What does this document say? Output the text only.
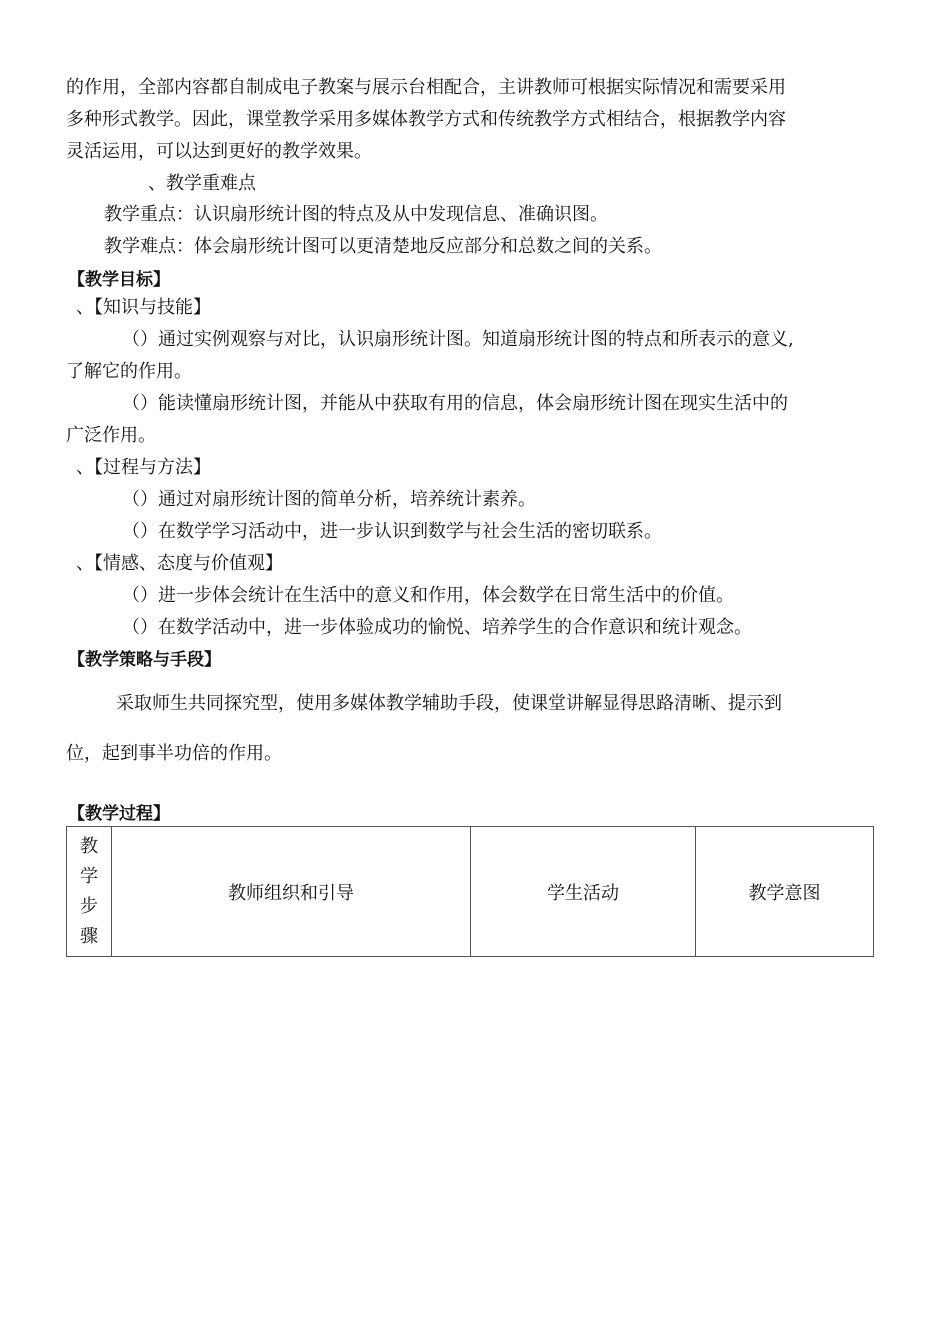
的作用，全部内容都自制成电子教案与展示台相配合，主讲教师可根据实际情况和需要采用
多种形式教学。因此，课堂教学采用多媒体教学方式和传统教学方式相结合，根据教学内容
灵活运用，可以达到更好的教学效果。
、教学重难点
教学重点：认识扇形统计图的特点及从中发现信息、准确识图。
教学难点：体会扇形统计图可以更清楚地反应部分和总数之间的关系。
【教学目标】
、【知识与技能】
（）通过实例观察与对比，认识扇形统计图。知道扇形统计图的特点和所表示的意义,
了解它的作用。
（）能读懂扇形统计图，并能从中获取有用的信息，体会扇形统计图在现实生活中的
广泛作用。
、【过程与方法】
（）通过对扇形统计图的简单分析，培养统计素养。
（）在数学学习活动中，进一步认识到数学与社会生活的密切联系。
、【情感、态度与价值观】
（）进一步体会统计在生活中的意义和作用，体会数学在日常生活中的价值。
（）在数学活动中，进一步体验成功的愉悦、培养学生的合作意识和统计观念。
【教学策略与手段】
采取师生共同探究型，使用多媒体教学辅助手段，使课堂讲解显得思路清晰、提示到
位，起到事半功倍的作用。
【教学过程】
教
学
步
骤
	教师组织和引导	学生活动	教学意图
